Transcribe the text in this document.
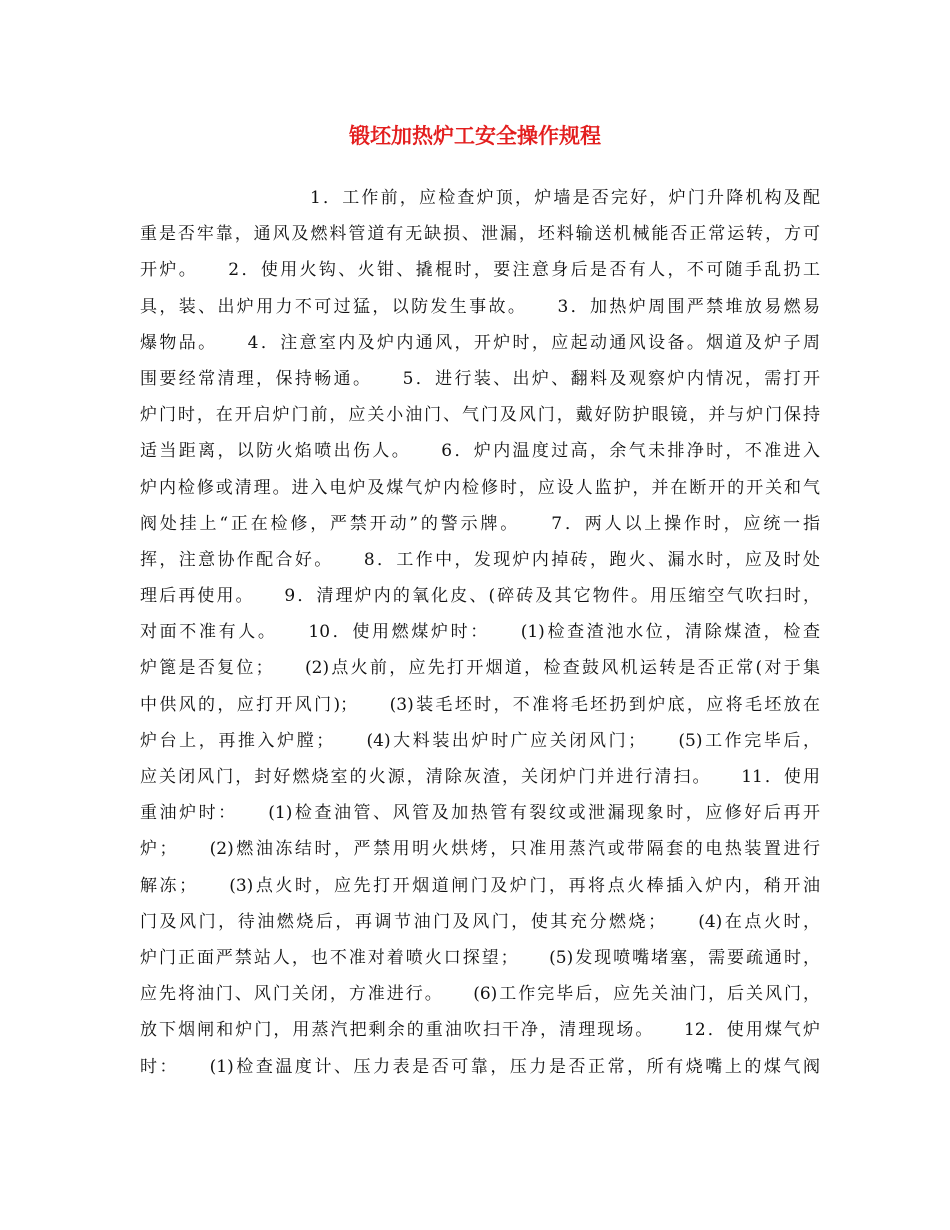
锻坯加热炉工安全操作规程
1．工作前，应检查炉顶，炉墙是否完好，炉门升降机构及配
重是否牢靠，通风及燃料管道有无缺损、泄漏，坯料输送机械能否正常运转，方可
开炉。　　2．使用火钩、火钳、撬棍时，要注意身后是否有人，不可随手乱扔工
具，装、出炉用力不可过猛，以防发生事故。　　3．加热炉周围严禁堆放易燃易
爆物品。　　4．注意室内及炉内通风，开炉时，应起动通风设备。烟道及炉子周
围要经常清理，保持畅通。　　5．进行装、出炉、翻料及观察炉内情况，需打开
炉门时，在开启炉门前，应关小油门、气门及风门，戴好防护眼镜，并与炉门保持
适当距离，以防火焰喷出伤人。　　6．炉内温度过高，余气未排净时，不准进入
炉内检修或清理。进入电炉及煤气炉内检修时，应设人监护，并在断开的开关和气
阀处挂上“正在检修，严禁开动”的警示牌。　　7．两人以上操作时，应统一指
挥，注意协作配合好。　　8．工作中，发现炉内掉砖，跑火、漏水时，应及时处
理后再使用。　　9．清理炉内的氧化皮、(碎砖及其它物件。用压缩空气吹扫时，
对面不准有人。　　10．使用燃煤炉时：　　(1)检查渣池水位，清除煤渣，检查
炉篦是否复位；　　(2)点火前，应先打开烟道，检查鼓风机运转是否正常(对于集
中供风的，应打开风门)；　　(3)装毛坯时，不准将毛坯扔到炉底，应将毛坯放在
炉台上，再推入炉膛；　　(4)大料装出炉时广应关闭风门；　　(5)工作完毕后，
应关闭风门，封好燃烧室的火源，清除灰渣，关闭炉门并进行清扫。　　11．使用
重油炉时：　　(1)检查油管、风管及加热管有裂纹或泄漏现象时，应修好后再开
炉；　　(2)燃油冻结时，严禁用明火烘烤，只准用蒸汽或带隔套的电热装置进行
解冻；　　(3)点火时，应先打开烟道闸门及炉门，再将点火棒插入炉内，稍开油
门及风门，待油燃烧后，再调节油门及风门，使其充分燃烧；　　(4)在点火时，
炉门正面严禁站人，也不准对着喷火口探望；　　(5)发现喷嘴堵塞，需要疏通时，
应先将油门、风门关闭，方准进行。　　(6)工作完毕后，应先关油门，后关风门，
放下烟闸和炉门，用蒸汽把剩余的重油吹扫干净，清理现场。　　12．使用煤气炉
时：　　(1)检查温度计、压力表是否可靠，压力是否正常，所有烧嘴上的煤气阀
